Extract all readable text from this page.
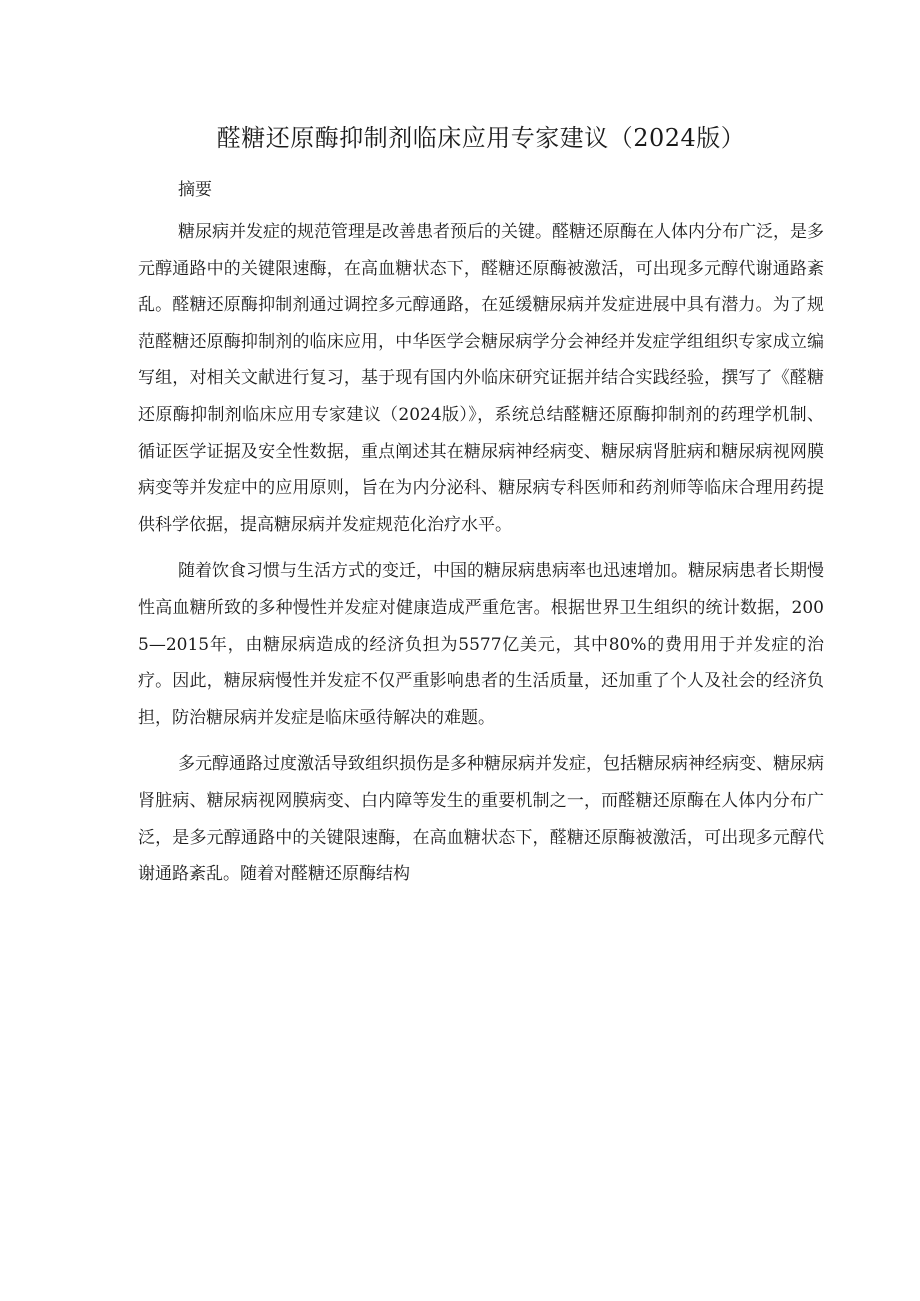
醛糖还原酶抑制剂临床应用专家建议（2024版）
摘要

糖尿病并发症的规范管理是改善患者预后的关键。醛糖还原酶在人体内分布广泛，是多元醇通路中的关键限速酶，在高血糖状态下，醛糖还原酶被激活，可出现多元醇代谢通路紊乱。醛糖还原酶抑制剂通过调控多元醇通路，在延缓糖尿病并发症进展中具有潜力。为了规范醛糖还原酶抑制剂的临床应用，中华医学会糖尿病学分会神经并发症学组组织专家成立编写组，对相关文献进行复习，基于现有国内外临床研究证据并结合实践经验，撰写了《醛糖还原酶抑制剂临床应用专家建议（2024版）》，系统总结醛糖还原酶抑制剂的药理学机制、循证医学证据及安全性数据，重点阐述其在糖尿病神经病变、糖尿病肾脏病和糖尿病视网膜病变等并发症中的应用原则，旨在为内分泌科、糖尿病专科医师和药剂师等临床合理用药提供科学依据，提高糖尿病并发症规范化治疗水平。

随着饮食习惯与生活方式的变迁，中国的糖尿病患病率也迅速增加。糖尿病患者长期慢性高血糖所致的多种慢性并发症对健康造成严重危害。根据世界卫生组织的统计数据，2005—2015年，由糖尿病造成的经济负担为5577亿美元，其中80%的费用用于并发症的治疗。因此，糖尿病慢性并发症不仅严重影响患者的生活质量，还加重了个人及社会的经济负担，防治糖尿病并发症是临床亟待解决的难题。

多元醇通路过度激活导致组织损伤是多种糖尿病并发症，包括糖尿病神经病变、糖尿病肾脏病、糖尿病视网膜病变、白内障等发生的重要机制之一，而醛糖还原酶在人体内分布广泛，是多元醇通路中的关键限速酶，在高血糖状态下，醛糖还原酶被激活，可出现多元醇代谢通路紊乱。随着对醛糖还原酶结构
